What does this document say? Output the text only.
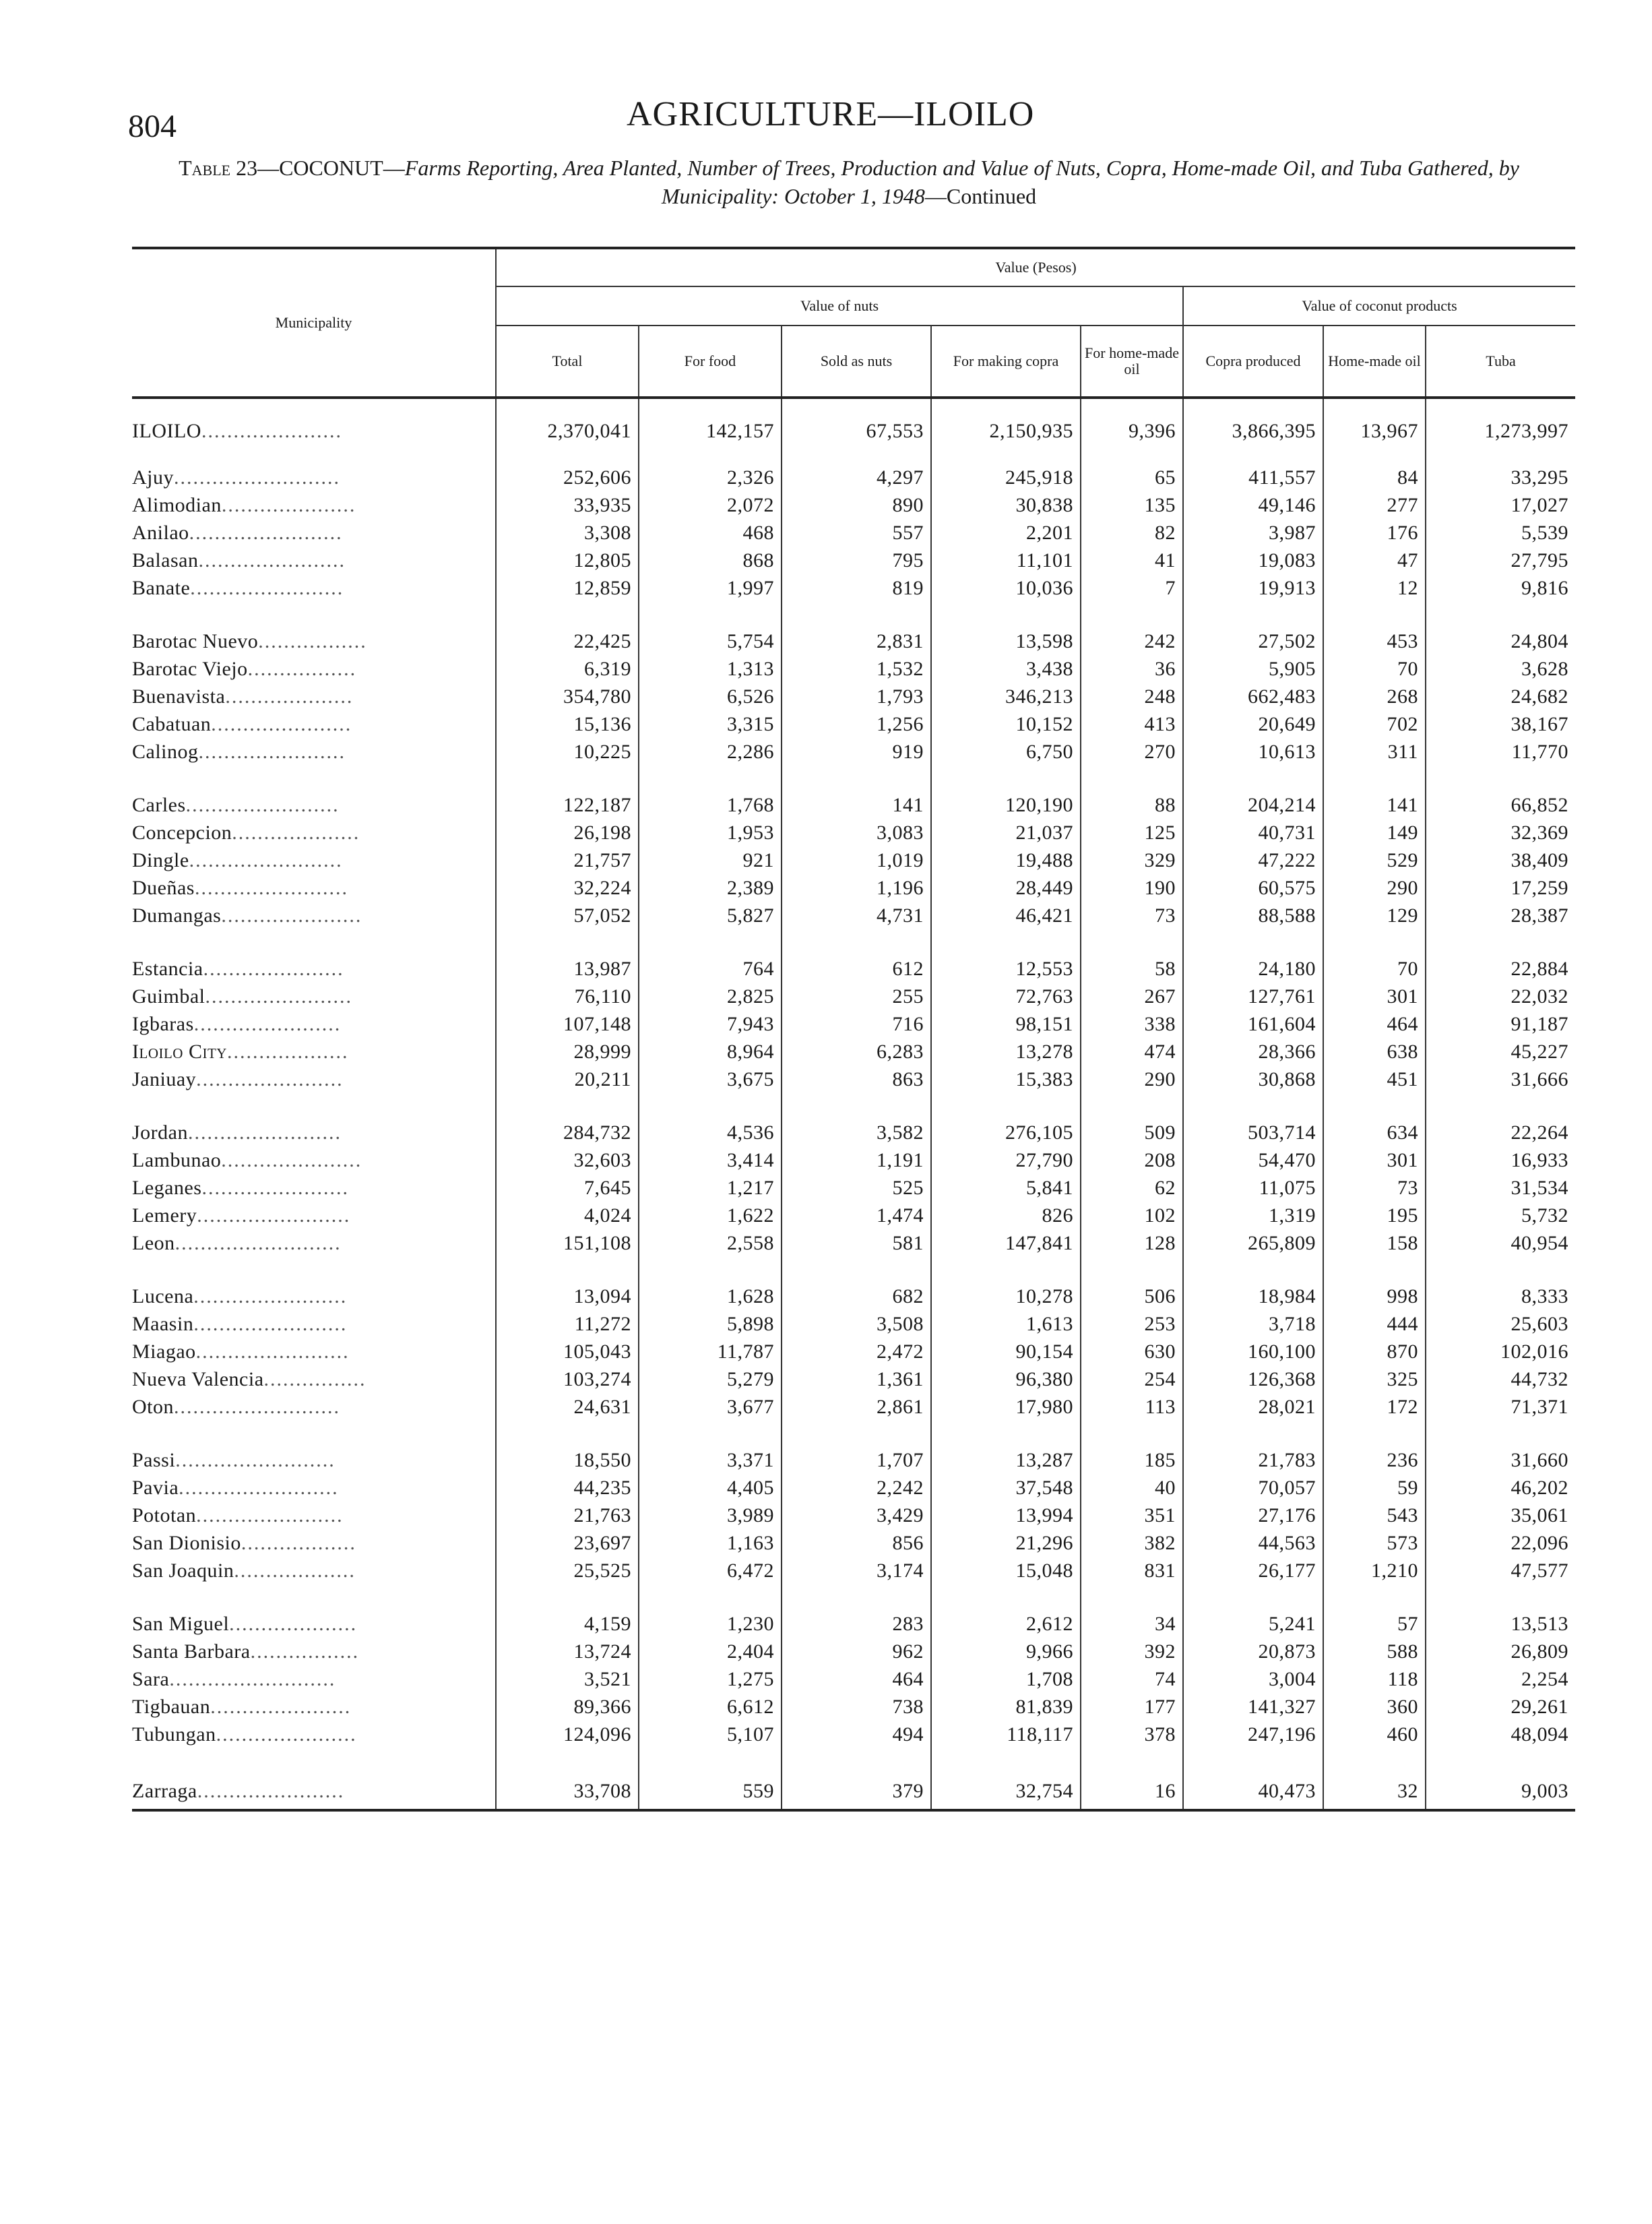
804	AGRICULTURE—ILOILO
Table 23—COCONUT—Farms Reporting, Area Planted, Number of Trees, Production and Value of Nuts, Copra, Home-made Oil, and Tuba Gathered, by Municipality: October 1, 1948—Continued
Municipality	Value (Pesos)							
	Value of nuts					Value of coconut products		
	Total	For food	Sold as nuts	For making copra	For home-made oil	Copra produced	Home-made oil	Tuba
ILOILO......................	2,370,041	142,157	67,553	2,150,935	9,396	3,866,395	13,967	1,273,997
Ajuy..........................	252,606	2,326	4,297	245,918	65	411,557	84	33,295
Alimodian.....................	33,935	2,072	890	30,838	135	49,146	277	17,027
Anilao........................	3,308	468	557	2,201	82	3,987	176	5,539
Balasan.......................	12,805	868	795	11,101	41	19,083	47	27,795
Banate........................	12,859	1,997	819	10,036	7	19,913	12	9,816

Barotac Nuevo.................	22,425	5,754	2,831	13,598	242	27,502	453	24,804
Barotac Viejo.................	6,319	1,313	1,532	3,438	36	5,905	70	3,628
Buenavista....................	354,780	6,526	1,793	346,213	248	662,483	268	24,682
Cabatuan......................	15,136	3,315	1,256	10,152	413	20,649	702	38,167
Calinog.......................	10,225	2,286	919	6,750	270	10,613	311	11,770

Carles........................	122,187	1,768	141	120,190	88	204,214	141	66,852
Concepcion....................	26,198	1,953	3,083	21,037	125	40,731	149	32,369
Dingle........................	21,757	921	1,019	19,488	329	47,222	529	38,409
Dueñas........................	32,224	2,389	1,196	28,449	190	60,575	290	17,259
Dumangas......................	57,052	5,827	4,731	46,421	73	88,588	129	28,387

Estancia......................	13,987	764	612	12,553	58	24,180	70	22,884
Guimbal.......................	76,110	2,825	255	72,763	267	127,761	301	22,032
Igbaras.......................	107,148	7,943	716	98,151	338	161,604	464	91,187
Iloilo City...................	28,999	8,964	6,283	13,278	474	28,366	638	45,227
Janiuay.......................	20,211	3,675	863	15,383	290	30,868	451	31,666

Jordan........................	284,732	4,536	3,582	276,105	509	503,714	634	22,264
Lambunao......................	32,603	3,414	1,191	27,790	208	54,470	301	16,933
Leganes.......................	7,645	1,217	525	5,841	62	11,075	73	31,534
Lemery........................	4,024	1,622	1,474	826	102	1,319	195	5,732
Leon..........................	151,108	2,558	581	147,841	128	265,809	158	40,954

Lucena........................	13,094	1,628	682	10,278	506	18,984	998	8,333
Maasin........................	11,272	5,898	3,508	1,613	253	3,718	444	25,603
Miagao........................	105,043	11,787	2,472	90,154	630	160,100	870	102,016
Nueva Valencia................	103,274	5,279	1,361	96,380	254	126,368	325	44,732
Oton..........................	24,631	3,677	2,861	17,980	113	28,021	172	71,371

Passi.........................	18,550	3,371	1,707	13,287	185	21,783	236	31,660
Pavia.........................	44,235	4,405	2,242	37,548	40	70,057	59	46,202
Pototan.......................	21,763	3,989	3,429	13,994	351	27,176	543	35,061
San Dionisio..................	23,697	1,163	856	21,296	382	44,563	573	22,096
San Joaquin...................	25,525	6,472	3,174	15,048	831	26,177	1,210	47,577

San Miguel....................	4,159	1,230	283	2,612	34	5,241	57	13,513
Santa Barbara.................	13,724	2,404	962	9,966	392	20,873	588	26,809
Sara..........................	3,521	1,275	464	1,708	74	3,004	118	2,254
Tigbauan......................	89,366	6,612	738	81,839	177	141,327	360	29,261
Tubungan......................	124,096	5,107	494	118,117	378	247,196	460	48,094

Zarraga.......................	33,708	559	379	32,754	16	40,473	32	9,003
